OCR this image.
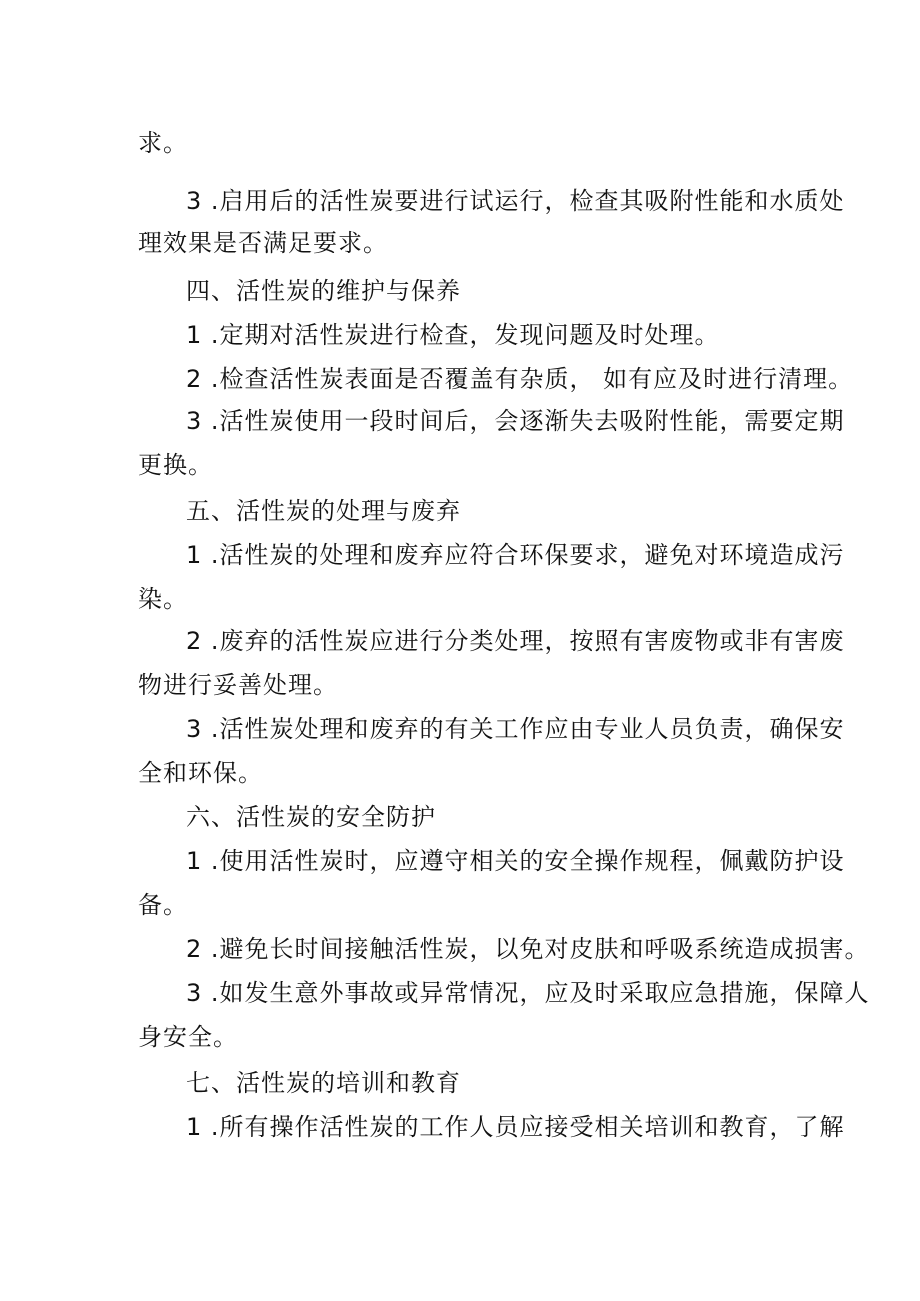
求。

3 .启用后的活性炭要进行试运行，检查其吸附性能和水质处

理效果是否满足要求。

四、活性炭的维护与保养

1 .定期对活性炭进行检查，发现问题及时处理。

2 .检查活性炭表面是否覆盖有杂质， 如有应及时进行清理。

3 .活性炭使用一段时间后，会逐渐失去吸附性能，需要定期

更换。

五、活性炭的处理与废弃

1 .活性炭的处理和废弃应符合环保要求，避免对环境造成污

染。

2 .废弃的活性炭应进行分类处理，按照有害废物或非有害废

物进行妥善处理。

3 .活性炭处理和废弃的有关工作应由专业人员负责，确保安

全和环保。

六、活性炭的安全防护

1 .使用活性炭时，应遵守相关的安全操作规程，佩戴防护设

备。

2 .避免长时间接触活性炭，以免对皮肤和呼吸系统造成损害。

3 .如发生意外事故或异常情况，应及时采取应急措施，保障人

身安全。

七、活性炭的培训和教育

1 .所有操作活性炭的工作人员应接受相关培训和教育，了解
